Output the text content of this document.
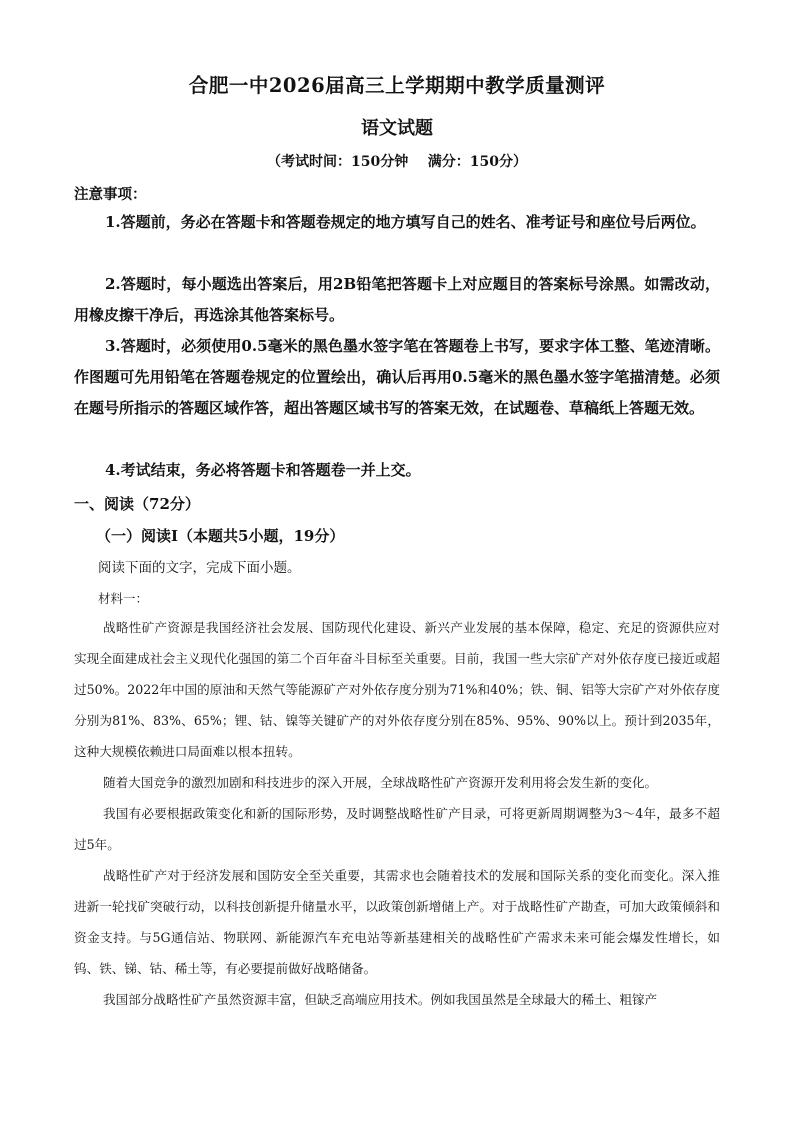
合肥一中2026届高三上学期期中教学质量测评
语文试题
（考试时间：150分钟    满分：150分）
注意事项：

1.答题前，务必在答题卡和答题卷规定的地方填写自己的姓名、准考证号和座位号后两位。

2.答题时，每小题选出答案后，用2B铅笔把答题卡上对应题目的答案标号涂黑。如需改动，用橡皮擦干净后，再选涂其他答案标号。

3.答题时，必须使用0.5毫米的黑色墨水签字笔在答题卷上书写，要求字体工整、笔迹清晰。作图题可先用铅笔在答题卷规定的位置绘出，确认后再用0.5毫米的黑色墨水签字笔描清楚。必须在题号所指示的答题区域作答，超出答题区域书写的答案无效，在试题卷、草稿纸上答题无效。

4.考试结束，务必将答题卡和答题卷一并上交。

一、阅读（72分）
（一）阅读Ⅰ（本题共5小题，19分）
阅读下面的文字，完成下面小题。
材料一：

战略性矿产资源是我国经济社会发展、国防现代化建设、新兴产业发展的基本保障，稳定、充足的资源供应对实现全面建成社会主义现代化强国的第二个百年奋斗目标至关重要。目前，我国一些大宗矿产对外依存度已接近或超过50%。2022年中国的原油和天然气等能源矿产对外依存度分别为71%和40%；铁、铜、铝等大宗矿产对外依存度分别为81%、83%、65%；锂、钴、镍等关键矿产的对外依存度分别在85%、95%、90%以上。预计到2035年，这种大规模依赖进口局面难以根本扭转。

随着大国竞争的激烈加剧和科技进步的深入开展，全球战略性矿产资源开发利用将会发生新的变化。

我国有必要根据政策变化和新的国际形势，及时调整战略性矿产目录，可将更新周期调整为3～4年，最多不超过5年。

战略性矿产对于经济发展和国防安全至关重要，其需求也会随着技术的发展和国际关系的变化而变化。深入推进新一轮找矿突破行动，以科技创新提升储量水平，以政策创新增储上产。对于战略性矿产勘查，可加大政策倾斜和资金支持。与5G通信站、物联网、新能源汽车充电站等新基建相关的战略性矿产需求未来可能会爆发性增长，如钨、铁、锑、钴、稀土等，有必要提前做好战略储备。

我国部分战略性矿产虽然资源丰富，但缺乏高端应用技术。例如我国虽然是全球最大的稀土、粗镓产
